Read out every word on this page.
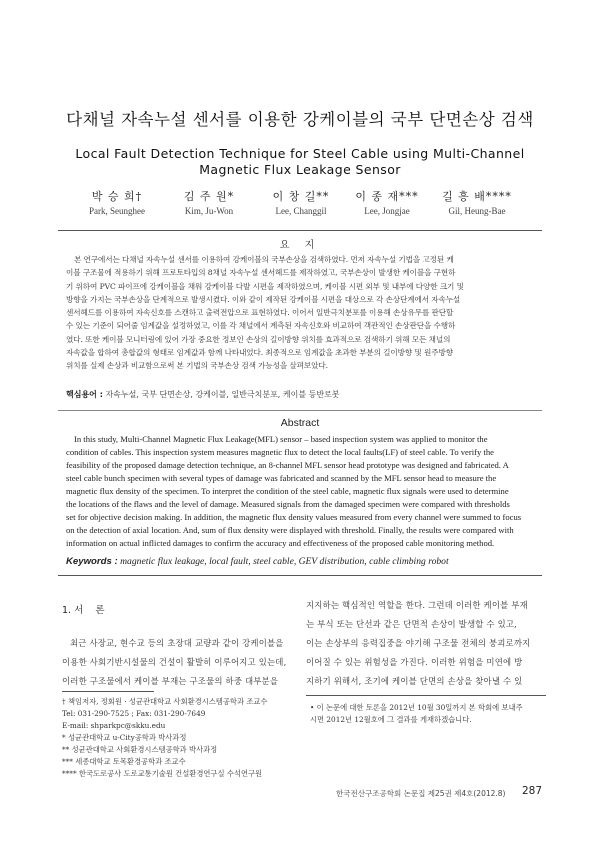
다채널 자속누설 센서를 이용한 강케이블의 국부 단면손상 검색
Local Fault Detection Technique for Steel Cable using Multi-Channel
Magnetic Flux Leakage Sensor
박 승 희†
Park, Seunghee
김 주 원*
Kim, Ju-Won
이 창 길**
Lee, Changgil
이 종 재***
Lee, Jongjae
길 흥 배****
Gil, Heung-Bae
요 지
본 연구에서는 다채널 자속누설 센서를 이용하여 강케이블의 국부손상을 검색하였다. 먼저 자속누설 기법을 고정된 케
이블 구조물에 적용하기 위해 프로토타입의 8채널 자속누설 센서헤드를 제작하였고, 국부손상이 발생한 케이블을 구현하
기 위하여 PVC 파이프에 강케이블을 채워 강케이블 다발 시편을 제작하였으며, 케이블 시편 외부 및 내부에 다양한 크기 및
방향을 가지는 국부손상을 단계적으로 발생시켰다. 이와 같이 제작된 강케이블 시편을 대상으로 각 손상단계에서 자속누설
센서헤드를 이용하여 자속신호를 스캔하고 출력전압으로 표현하였다. 이어서 일반극치분포를 이용해 손상유무를 판단할
수 있는 기준이 되어줄 임계값을 설정하였고, 이를 각 채널에서 계측된 자속신호와 비교하여 객관적인 손상판단을 수행하
였다. 또한 케이블 모니터링에 있어 가장 중요한 정보인 손상의 길이방향 위치를 효과적으로 검색하기 위해 모든 채널의
자속값을 합하여 총합값의 형태로 임계값과 함께 나타내었다. 최종적으로 임계값을 초과한 부분의 길이방향 및 원주방향
위치를 실제 손상과 비교함으로써 본 기법의 국부손상 검색 가능성을 살펴보았다.
핵심용어 : 자속누설, 국부 단면손상, 강케이블, 일반극치분포, 케이블 등반로봇
Abstract
In this study, Multi-Channel Magnetic Flux Leakage(MFL) sensor – based inspection system was applied to monitor the
condition of cables. This inspection system measures magnetic flux to detect the local faults(LF) of steel cable. To verify the
feasibility of the proposed damage detection technique, an 8-channel MFL sensor head prototype was designed and fabricated. A
steel cable bunch specimen with several types of damage was fabricated and scanned by the MFL sensor head to measure the
magnetic flux density of the specimen. To interpret the condition of the steel cable, magnetic flux signals were used to determine
the locations of the flaws and the level of damage. Measured signals from the damaged specimen were compared with thresholds
set for objective decision making. In addition, the magnetic flux density values measured from every channel were summed to focus
on the detection of axial location. And, sum of flux density were displayed with threshold. Finally, the results were compared with
information on actual inflicted damages to confirm the accuracy and effectiveness of the proposed cable monitoring method.
Keywords : magnetic flux leakage, local fault, steel cable, GEV distribution, cable climbing robot
1. 서    론
최근 사장교, 현수교 등의 초장대 교량과 같이 강케이블을
이용한 사회기반시설물의 건설이 활발히 이루어지고 있는데,
이러한 구조물에서 케이블 부재는 구조물의 하중 대부분을
† 책임저자, 정회원 · 성균관대학교 사회환경시스템공학과 조교수
Tel: 031-290-7525 ; Fax: 031-290-7649
E-mail: shparkpc@skku.edu
* 성균관대학교 u-City공학과 박사과정
** 성균관대학교 사회환경시스템공학과 박사과정
*** 세종대학교 토목환경공학과 조교수
**** 한국도로공사 도로교통기술원 건설환경연구실 수석연구원
지지하는 핵심적인 역할을 한다. 그런데 이러한 케이블 부재
는 부식 또는 단선과 같은 단면적 손상이 발생할 수 있고,
이는 손상부의 응력집중을 야기해 구조물 전체의 붕괴로까지
이어질 수 있는 위험성을 가진다. 이러한 위험을 미연에 방
지하기 위해서, 조기에 케이블 단면의 손상을 찾아낼 수 있
• 이 논문에 대한 토론을 2012년 10월 30일까지 본 학회에 보내주
시면 2012년 12월호에 그 결과를 게재하겠습니다.
한국전산구조공학회 논문집 제25권 제4호(2012.8) 287
